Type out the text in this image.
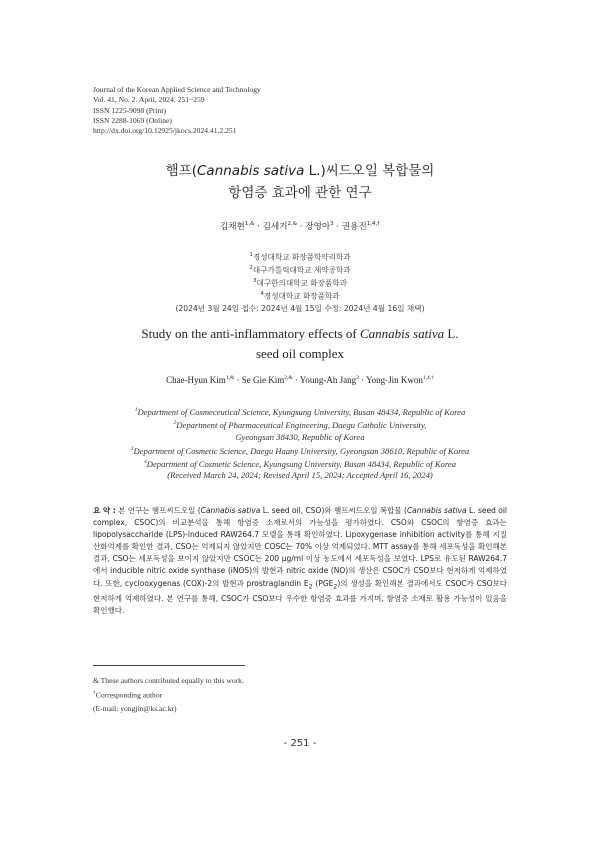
Journal of the Korean Applied Science and Technology
Vol. 41, No. 2. April, 2024. 251~259
ISSN 1225-9098 (Print)
ISSN 2288-1069 (Online)
http://dx.doi.org/10.12925/jkocs.2024.41.2.251
햄프(Cannabis sativa L.)씨드오일 복합물의
항염증 효과에 관한 연구
김채현$^{1,\&}$ · 김세기$^{2,\&}$ · 장영아$^3$ · 권용진$^{1,4,\dagger}$
$^1$경성대학교 화장품학약리학과
$^2$대구가톨릭대학교 제약공학과
$^3$대구한의대학교 화장품학과
$^4$경성대학교 화장품학과
(2024년 3월 24일 접수: 2024년 4월 15일 수정: 2024년 4월 16일 채택)
Study on the anti-inflammatory effects of Cannabis sativa L.
seed oil complex
Chae-Hyun Kim$^{1,\&}$ · Se Gie Kim$^{2,\&}$ · Young-Ah Jang$^3$ · Yong-Jin Kwon$^{1,4,\dagger}$
$^1$Department of Cosmeceutical Science, Kyungsung University, Busan 48434, Republic of Korea
$^2$Department of Pharmaceutical Engineering, Daegu Catholic University,
Gyeongsan 38430, Republic of Korea
$^3$Department of Cosmetic Science, Daegu Haany University, Gyeongsan 38610, Republic of Korea
$^4$Department of Cosmetic Science, Kyungsung University, Busan 48434, Republic of Korea
(Received March 24, 2024; Revised April 15, 2024; Accepted April 16, 2024)
요 약 : 본 연구는 햄프씨드오일 (Cannabis sativa L. seed oil, CSO)와 햄프씨드오일 복합물 (Cannabis sativa L. seed oil complex, CSOC)의 비교분석을 통해 항염증 소재로서의 가능성을 평가하였다. CSO와 CSOC의 항염증 효과는 lipopolysaccharide (LPS)-induced RAW264.7 모델을 통해 확인하였다. Lipoxygenase inhibition activity를 통해 지질산화억제를 확인한 결과, CSO는 억제되지 않았지만 COSC는 70% 이상 억제되었다. MTT assay를 통해 세포독성을 확인해본 결과, CSO는 세포독성을 보이지 않았지만 CSOC는 200 μg/ml 이상 농도에서 세포독성을 보였다. LPS로 유도된 RAW264.7에서 inducible nitric oxide synthase (iNOS)의 발현과 nitric oxide (NO)의 생산은 CSOC가 CSO보다 현저하게 억제하였다. 또한, cyclooxygenas (COX)-2의 발현과 prostraglandin $E_2$ $(PGE_2)$의 생성을 확인해본 결과에서도 CSOC가 CSO보다 현저하게 억제하였다. 본 연구를 통해, CSOC가 CSO보다 우수한 항염증 효과를 가지며, 항염증 소재로 활용 가능성이 있음을 확인했다.
& These authors contributed equally to this work.
†Corresponding author
(E-mail: yongjin@ks.ac.kr)
- 251 -
